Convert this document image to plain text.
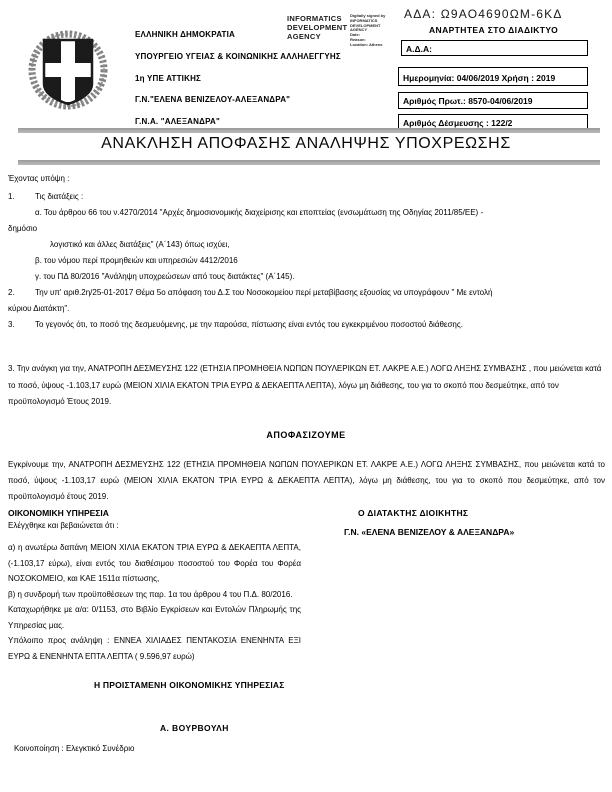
ΕΛΛΗΝΙΚΗ ΔΗΜΟΚΡΑΤΙΑ
ΥΠΟΥΡΓΕΙΟ ΥΓΕΙΑΣ & ΚΟΙΝΩΝΙΚΗΣ ΑΛΛΗΛΕΓΓΥΗΣ
1η ΥΠΕ ΑΤΤΙΚΗΣ
Γ.Ν."ΕΛΕΝΑ ΒΕΝΙΖΕΛΟΥ-ΑΛΕΞΑΝΔΡΑ"
Γ.Ν.Α. "ΑΛΕΞΑΝΔΡΑ"
INFORMATICS DEVELOPMENT AGENCY
Digitally signed by
INFORMATICS
DEVELOPMENT AGENCY
Date:
Reason:
Location: Athens
ΑΔΑ: Ω9ΑΟ4690ΩΜ-6ΚΔ
ΑΝΑΡΤΗΤΕΑ ΣΤΟ ΔΙΑΔΙΚΤΥΟ
Α.Δ.Α:
Ημερομηνία: 04/06/2019 Χρήση : 2019
Αριθμός Πρωτ.: 8570-04/06/2019
Αριθμός Δέσμευσης : 122/2
ΑΝΑΚΛΗΣΗ ΑΠΟΦΑΣΗΣ ΑΝΑΛΗΨΗΣ ΥΠΟΧΡΕΩΣΗΣ
Έχοντας υπόψη :
1.	Τις διατάξεις :
α. Του άρθρου 66 του ν.4270/2014 "Αρχές δημοσιονομικής διαχείρισης και εποπτείας (ενσωμάτωση της Οδηγίας 2011/85/ΕΕ) -
δημόσιο
λογιστικό και άλλες διατάξεις" (Α΄143) όπως ισχύει,
β. του νόμου περί προμηθειών και υπηρεσιών 4412/2016
γ. του ΠΔ 80/2016 "Ανάληψη υποχρεώσεων από τους διατάκτες" (Α΄145).
2.	Την υπ' αριθ.2η/25-01-2017 Θέμα 5ο απόφαση του Δ.Σ του Νοσοκομείου περί μεταβίβασης εξουσίας να υπογράφουν " Με εντολή
κύριου Διατάκτη".
3.	Το γεγονός ότι, το ποσό της δεσμευόμενης, με την παρούσα, πίστωσης είναι εντός του εγκεκριμένου ποσοστού διάθεσης.
3. Την ανάγκη για την, ΑΝΑΤΡΟΠΗ ΔΕΣΜΕΥΣΗΣ 122 (ΕΤΗΣΙΑ ΠΡΟΜΗΘΕΙΑ ΝΩΠΩΝ ΠΟΥΛΕΡΙΚΩΝ ΕΤ. ΛΑΚΡΕ Α.Ε.) ΛΟΓΩ ΛΗΞΗΣ ΣΥΜΒΑΣΗΣ , που μειώνεται κατά το ποσό, ύψους -1.103,17 ευρώ (ΜΕΙΟΝ ΧΙΛΙΑ ΕΚΑΤΟΝ ΤΡΙΑ ΕΥΡΩ & ΔΕΚΑΕΠΤΑ ΛΕΠΤΑ), λόγω μη διάθεσης, του για το σκοπό που δεσμεύτηκε, από τον προϋπολογισμό Έτους 2019.
ΑΠΟΦΑΣΙΖΟΥΜΕ
Εγκρίνουμε την, ΑΝΑΤΡΟΠΗ ΔΕΣΜΕΥΣΗΣ 122 (ΕΤΗΣΙΑ ΠΡΟΜΗΘΕΙΑ ΝΩΠΩΝ ΠΟΥΛΕΡΙΚΩΝ ΕΤ. ΛΑΚΡΕ Α.Ε.) ΛΟΓΩ ΛΗΞΗΣ ΣΥΜΒΑΣΗΣ, που μειώνεται κατά το ποσό, ύψους -1.103,17 ευρώ (ΜΕΙΟΝ ΧΙΛΙΑ ΕΚΑΤΟΝ ΤΡΙΑ ΕΥΡΩ & ΔΕΚΑΕΠΤΑ ΛΕΠΤΑ), λόγω μη διάθεσης, του για το σκοπό που δεσμεύτηκε, από τον προϋπολογισμό έτους 2019.
ΟΙΚΟΝΟΜΙΚΗ ΥΠΗΡΕΣΙΑ	Ο ΔΙΑΤΑΚΤΗΣ ΔΙΟΙΚΗΤΗΣ
Ελέγχθηκε και βεβαιώνεται ότι :
Γ.Ν. «ΕΛΕΝΑ ΒΕΝΙΖΕΛΟΥ & ΑΛΕΞΑΝΔΡΑ»
α) η ανωτέρω δαπάνη ΜΕΙΟΝ ΧΙΛΙΑ ΕΚΑΤΟΝ ΤΡΙΑ ΕΥΡΩ & ΔΕΚΑΕΠΤΑ ΛΕΠΤΑ,(-1.103,17 εύρω), είναι εντός του διαθέσιμου ποσοστού του Φορέα του Φορέα ΝΟΣΟΚΟΜΕΙΟ, και ΚΑΕ 1511α πίστωσης,
β) η συνδρομή των προϋποθέσεων της παρ. 1α του άρθρου 4 του Π.Δ. 80/2016.
Καταχωρήθηκε με α/α: 0/1153, στο Βιβλίο Εγκρίσεων και Εντολών Πληρωμής της Υπηρεσίας μας.
Υπόλοιπο προς ανάληψη : ΕΝΝΕΑ ΧΙΛΙΑΔΕΣ ΠΕΝΤΑΚΟΣΙΑ ΕΝΕΝΗΝΤΑ ΕΞΙ ΕΥΡΩ & ΕΝΕΝΗΝΤΑ ΕΠΤΑ ΛΕΠΤΑ ( 9.596,97 ευρώ)
Η ΠΡΟΙΣΤΑΜΕΝΗ ΟΙΚΟΝΟΜΙΚΗΣ ΥΠΗΡΕΣΙΑΣ
Α. ΒΟΥΡΒΟΥΛΗ
Κοινοποίηση : Ελεγκτικό Συνέδριο
